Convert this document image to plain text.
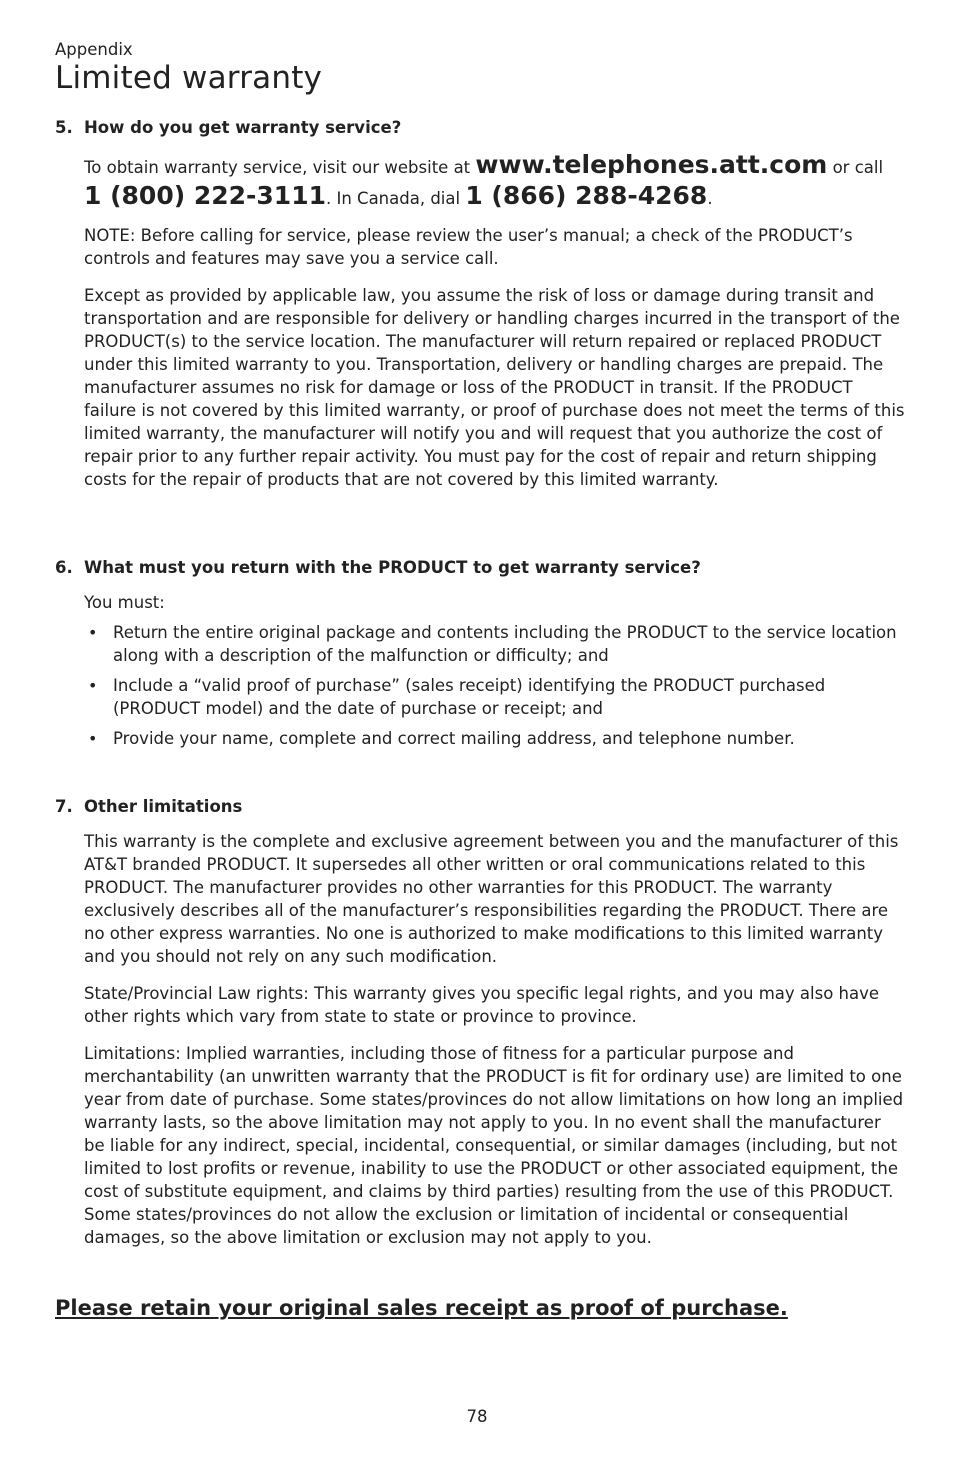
Appendix
Limited warranty
5. How do you get warranty service?

To obtain warranty service, visit our website at www.telephones.att.com or call
1 (800) 222-3111. In Canada, dial 1 (866) 288-4268.

NOTE: Before calling for service, please review the user’s manual; a check of the PRODUCT’s controls and features may save you a service call.

Except as provided by applicable law, you assume the risk of loss or damage during transit and transportation and are responsible for delivery or handling charges incurred in the transport of the PRODUCT(s) to the service location. The manufacturer will return repaired or replaced PRODUCT under this limited warranty to you. Transportation, delivery or handling charges are prepaid. The manufacturer assumes no risk for damage or loss of the PRODUCT in transit. If the PRODUCT failure is not covered by this limited warranty, or proof of purchase does not meet the terms of this limited warranty, the manufacturer will notify you and will request that you authorize the cost of repair prior to any further repair activity. You must pay for the cost of repair and return shipping costs for the repair of products that are not covered by this limited warranty.

6. What must you return with the PRODUCT to get warranty service?

You must:

• Return the entire original package and contents including the PRODUCT to the service location along with a description of the malfunction or difficulty; and
• Include a “valid proof of purchase” (sales receipt) identifying the PRODUCT purchased (PRODUCT model) and the date of purchase or receipt; and
• Provide your name, complete and correct mailing address, and telephone number.
7. Other limitations

This warranty is the complete and exclusive agreement between you and the manufacturer of this AT&T branded PRODUCT. It supersedes all other written or oral communications related to this PRODUCT. The manufacturer provides no other warranties for this PRODUCT. The warranty exclusively describes all of the manufacturer’s responsibilities regarding the PRODUCT. There are no other express warranties. No one is authorized to make modifications to this limited warranty and you should not rely on any such modification.

State/Provincial Law rights: This warranty gives you specific legal rights, and you may also have other rights which vary from state to state or province to province.

Limitations: Implied warranties, including those of fitness for a particular purpose and merchantability (an unwritten warranty that the PRODUCT is fit for ordinary use) are limited to one year from date of purchase. Some states/provinces do not allow limitations on how long an implied warranty lasts, so the above limitation may not apply to you. In no event shall the manufacturer be liable for any indirect, special, incidental, consequential, or similar damages (including, but not limited to lost profits or revenue, inability to use the PRODUCT or other associated equipment, the cost of substitute equipment, and claims by third parties) resulting from the use of this PRODUCT. Some states/provinces do not allow the exclusion or limitation of incidental or consequential damages, so the above limitation or exclusion may not apply to you.

Please retain your original sales receipt as proof of purchase.

78
